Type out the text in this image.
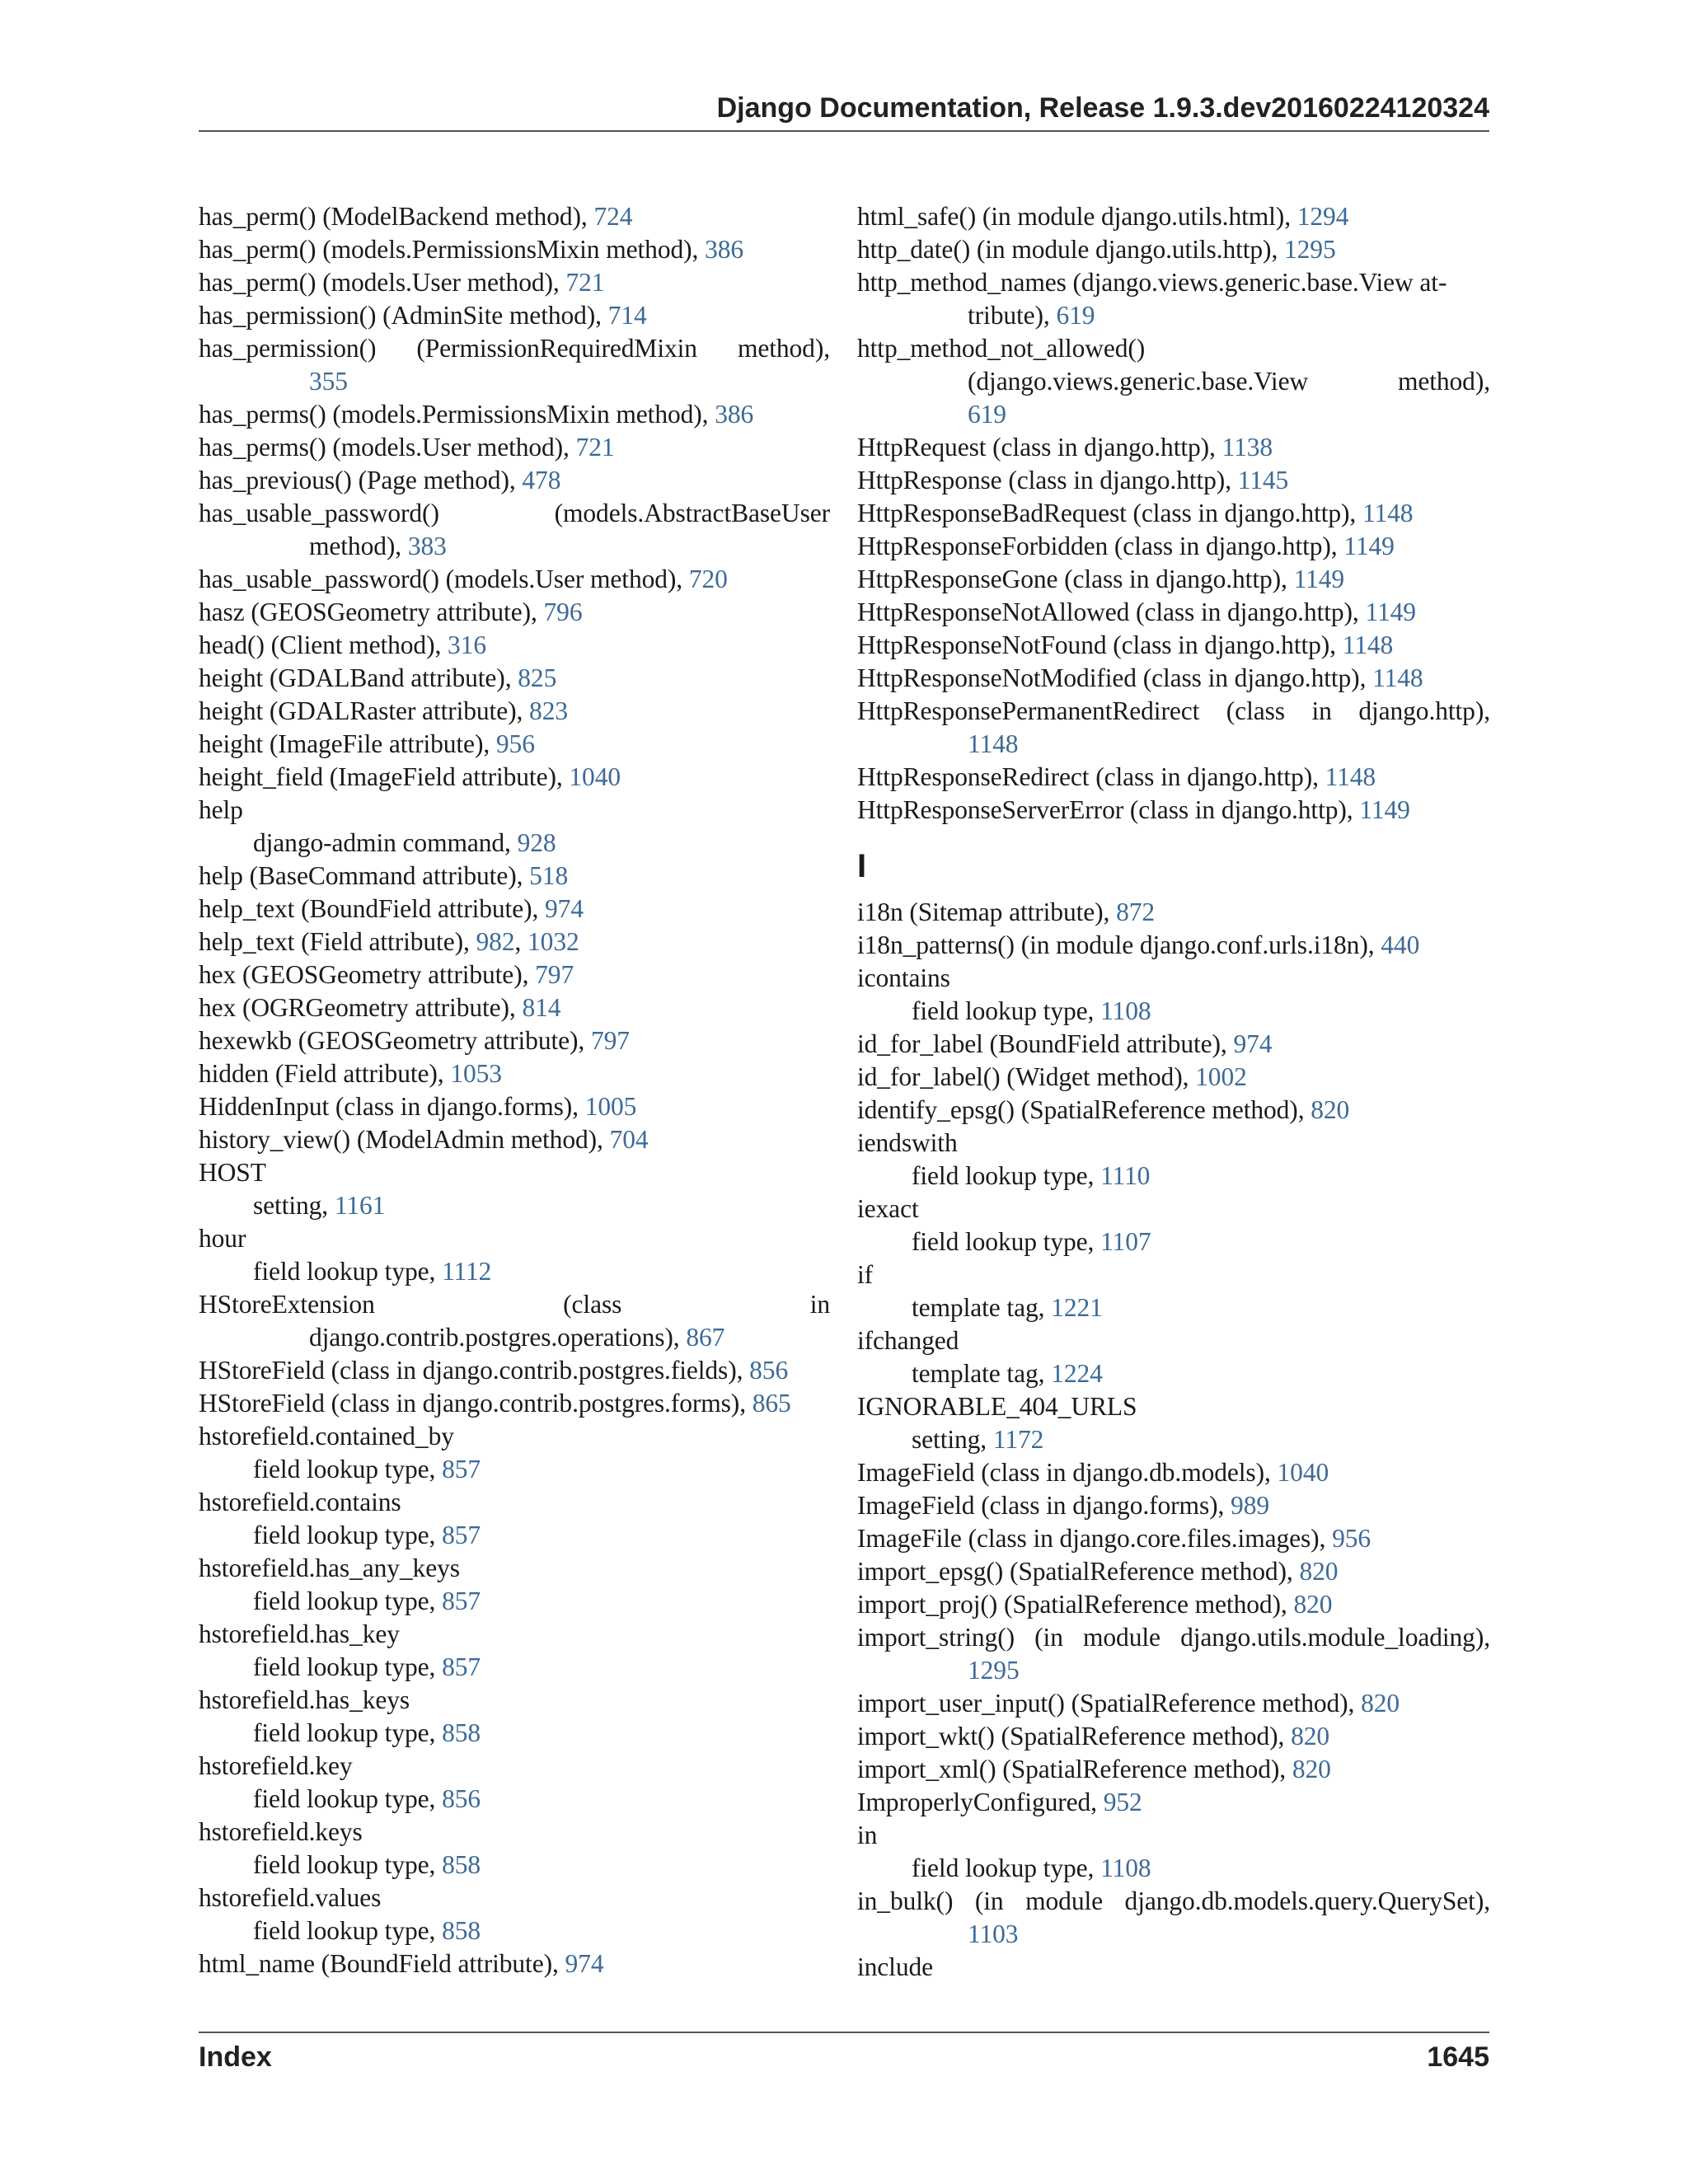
Django Documentation, Release 1.9.3.dev20160224120324
has_perm() (ModelBackend method), 724
has_perm() (models.PermissionsMixin method), 386
has_perm() (models.User method), 721
has_permission() (AdminSite method), 714
has_permission() (PermissionRequiredMixin method),
355
has_perms() (models.PermissionsMixin method), 386
has_perms() (models.User method), 721
has_previous() (Page method), 478
has_usable_password() (models.AbstractBaseUser
method), 383
has_usable_password() (models.User method), 720
hasz (GEOSGeometry attribute), 796
head() (Client method), 316
height (GDALBand attribute), 825
height (GDALRaster attribute), 823
height (ImageFile attribute), 956
height_field (ImageField attribute), 1040
help
django-admin command, 928
help (BaseCommand attribute), 518
help_text (BoundField attribute), 974
help_text (Field attribute), 982, 1032
hex (GEOSGeometry attribute), 797
hex (OGRGeometry attribute), 814
hexewkb (GEOSGeometry attribute), 797
hidden (Field attribute), 1053
HiddenInput (class in django.forms), 1005
history_view() (ModelAdmin method), 704
HOST
setting, 1161
hour
field lookup type, 1112
HStoreExtension (class in
django.contrib.postgres.operations), 867
HStoreField (class in django.contrib.postgres.fields), 856
HStoreField (class in django.contrib.postgres.forms), 865
hstorefield.contained_by
field lookup type, 857
hstorefield.contains
field lookup type, 857
hstorefield.has_any_keys
field lookup type, 857
hstorefield.has_key
field lookup type, 857
hstorefield.has_keys
field lookup type, 858
hstorefield.key
field lookup type, 856
hstorefield.keys
field lookup type, 858
hstorefield.values
field lookup type, 858
html_name (BoundField attribute), 974
html_safe() (in module django.utils.html), 1294
http_date() (in module django.utils.http), 1295
http_method_names (django.views.generic.base.View at-
tribute), 619
http_method_not_allowed()
(django.views.generic.base.View method),
619
HttpRequest (class in django.http), 1138
HttpResponse (class in django.http), 1145
HttpResponseBadRequest (class in django.http), 1148
HttpResponseForbidden (class in django.http), 1149
HttpResponseGone (class in django.http), 1149
HttpResponseNotAllowed (class in django.http), 1149
HttpResponseNotFound (class in django.http), 1148
HttpResponseNotModified (class in django.http), 1148
HttpResponsePermanentRedirect (class in django.http),
1148
HttpResponseRedirect (class in django.http), 1148
HttpResponseServerError (class in django.http), 1149
I
i18n (Sitemap attribute), 872
i18n_patterns() (in module django.conf.urls.i18n), 440
icontains
field lookup type, 1108
id_for_label (BoundField attribute), 974
id_for_label() (Widget method), 1002
identify_epsg() (SpatialReference method), 820
iendswith
field lookup type, 1110
iexact
field lookup type, 1107
if
template tag, 1221
ifchanged
template tag, 1224
IGNORABLE_404_URLS
setting, 1172
ImageField (class in django.db.models), 1040
ImageField (class in django.forms), 989
ImageFile (class in django.core.files.images), 956
import_epsg() (SpatialReference method), 820
import_proj() (SpatialReference method), 820
import_string() (in module django.utils.module_loading),
1295
import_user_input() (SpatialReference method), 820
import_wkt() (SpatialReference method), 820
import_xml() (SpatialReference method), 820
ImproperlyConfigured, 952
in
field lookup type, 1108
in_bulk() (in module django.db.models.query.QuerySet),
1103
include
Index	1645
